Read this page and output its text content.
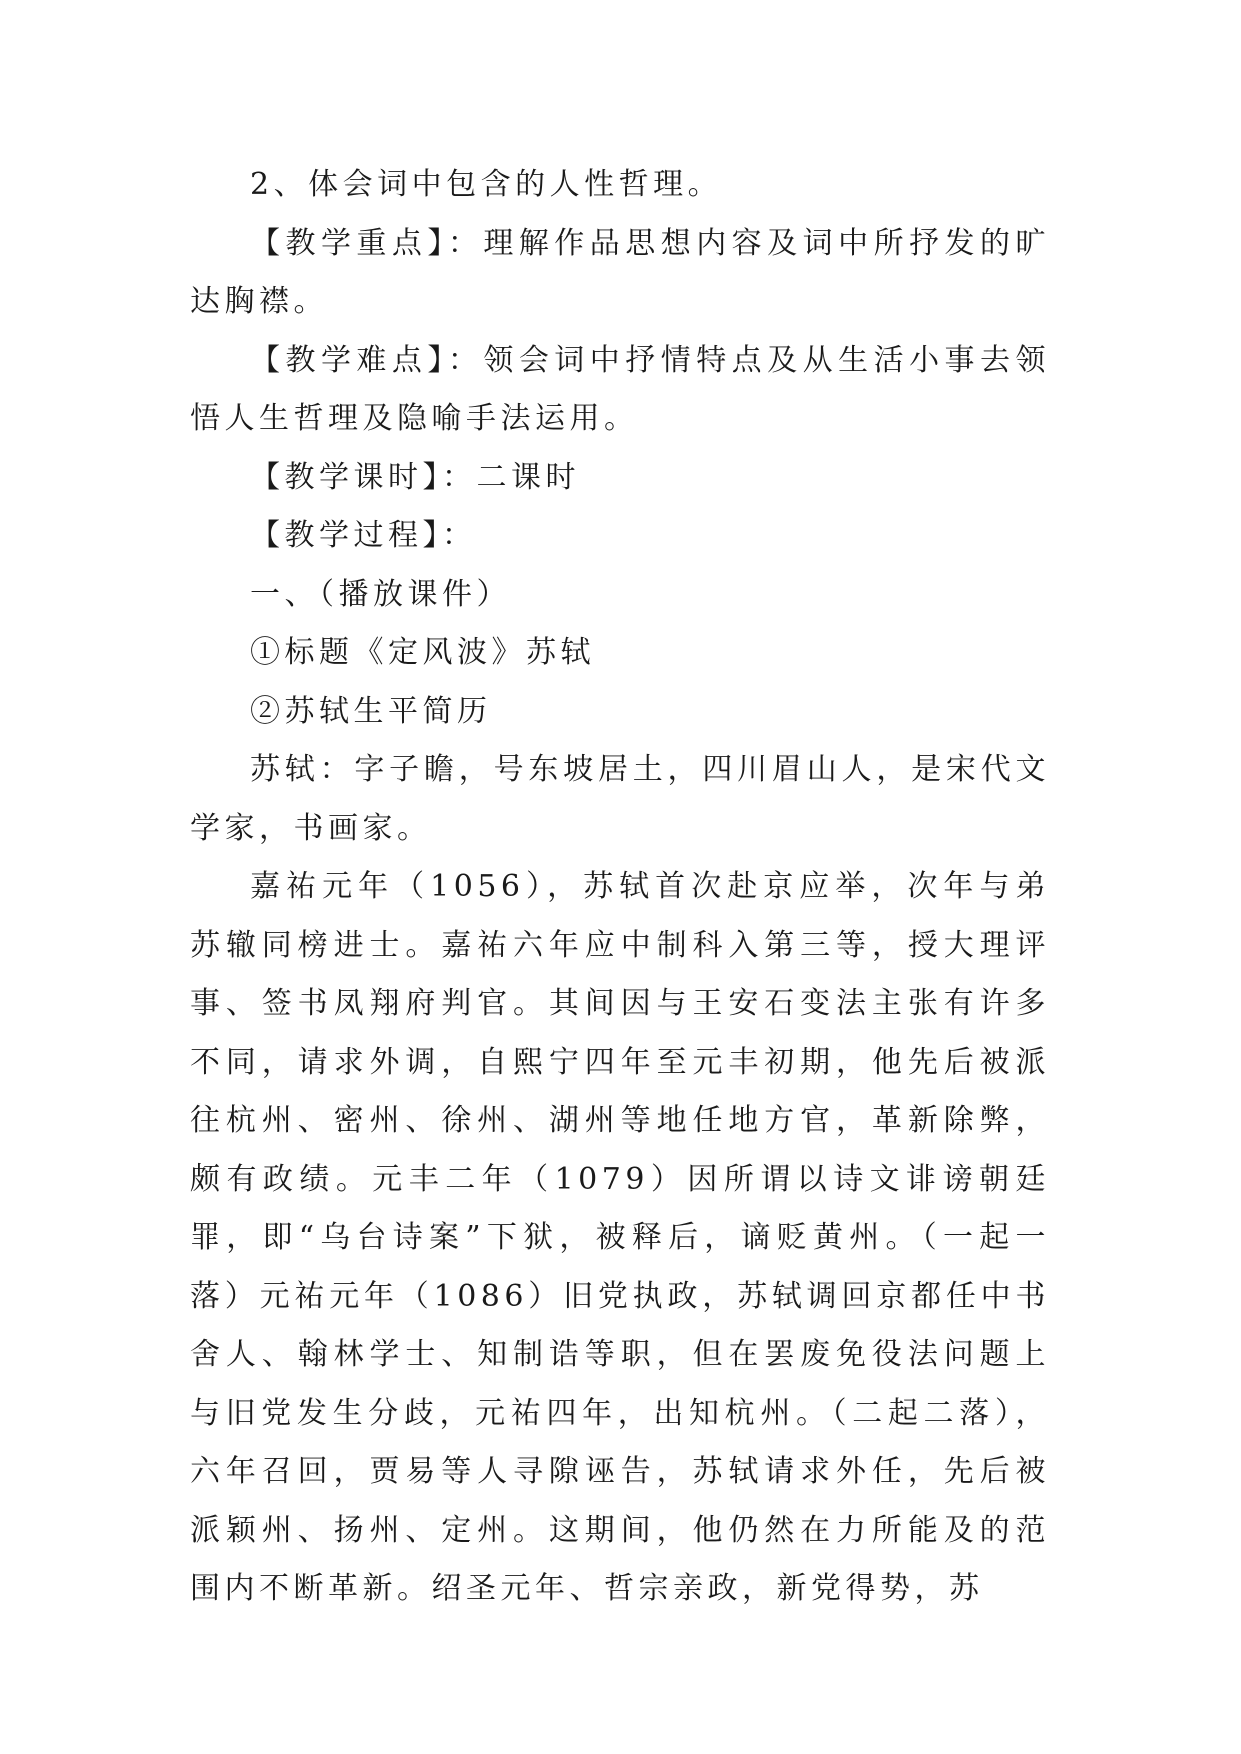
2、体会词中包含的人性哲理。

【教学重点】：理解作品思想内容及词中所抒发的旷达胸襟。

【教学难点】：领会词中抒情特点及从生活小事去领悟人生哲理及隐喻手法运用。

【教学课时】：二课时

【教学过程】：

一、（播放课件）

①标题《定风波》苏轼

②苏轼生平简历

苏轼：字子瞻，号东坡居土，四川眉山人，是宋代文学家，书画家。

嘉祐元年（1056），苏轼首次赴京应举，次年与弟苏辙同榜进士。嘉祐六年应中制科入第三等，授大理评事、签书凤翔府判官。其间因与王安石变法主张有许多不同，请求外调，自熙宁四年至元丰初期，他先后被派往杭州、密州、徐州、湖州等地任地方官，革新除弊，颇有政绩。元丰二年（1079）因所谓以诗文诽谤朝廷罪，即“乌台诗案”下狱，被释后，谪贬黄州。（一起一落）元祐元年（1086）旧党执政，苏轼调回京都任中书舍人、翰林学士、知制诰等职，但在罢废免役法问题上与旧党发生分歧，元祐四年，出知杭州。（二起二落），六年召回，贾易等人寻隙诬告，苏轼请求外任，先后被派颖州、扬州、定州。这期间，他仍然在力所能及的范围内不断革新。绍圣元年、哲宗亲政，新党得势，苏
